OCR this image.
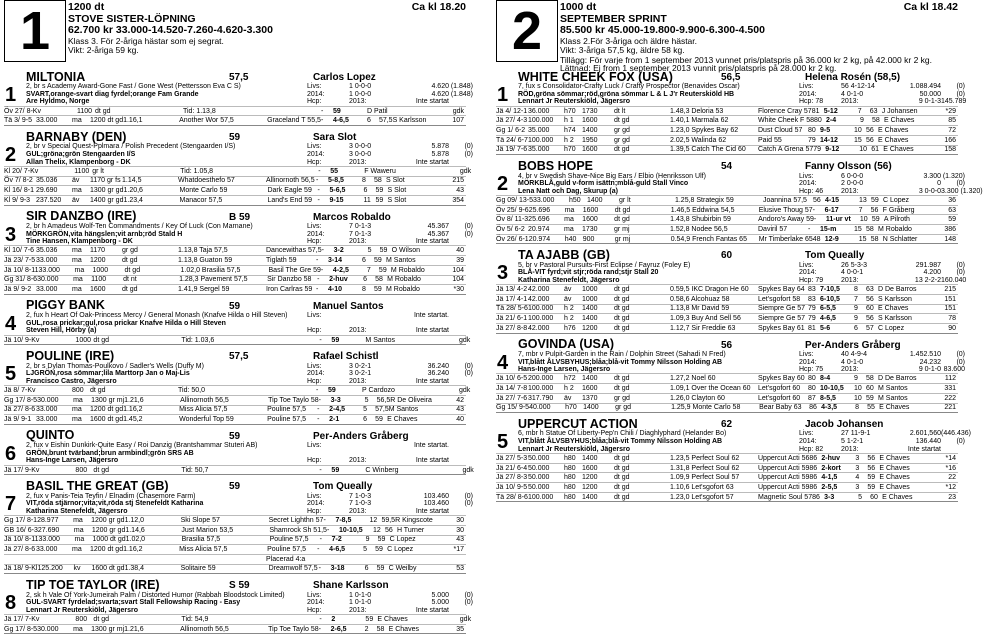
1	1200 dt	Ca kl 18.20
STOVE SISTER-LÖPNING
62.700 kr 33.000-14.520-7.260-4.620-3.300
Klass 3. För 2-åriga hästar som ej segrat.
Vikt: 2-åriga 59 kg.
MILTONIA	57,5	Carlos Lopez
1	2, br s Academy Award-Gone Fast / Gone West (Pettersson Eva C S)	Livs:	1 0-0-0	4.620 (1.848)
SVART,orange-svart diag fyrdel;orange Fam Grande	2014:	1 0-0-0	4.620 (1.848)
Are Hyldmo, Norge	Hcp:	2013:	Inte startat
Öv 27/ 8-Kv	1100 dt gd	Tid: 1.13,8	-	59	D Patil	gdk
Tä 3/ 9-5 33.000	ma	1200 dt gd 1.16,1	Another Wor 57,5	Graceland T 55,5 -	4-6,5	6	57,5 S Karlsson	107
BARNABY (DEN)	59	Sara Slot
2	2, br v Special Quest-Pplmara / Polish Precedent (Stengaarden I/S)	Livs:	3 0-0-0	5.878	(0)
GUL;gröna;grön Stengaarden I/S	2014:	3 0-0-0	5.878	(0)
Allan Thelix, Klampenborg - DK	Hcp:	2013:	Inte startat
Kl 20/ 7-Kv	1100 gr lt	Tid: 1.05,8	-	55	F Waweru	gdk
Öv 7/ 8-2 35.036	äv	1170 gr fs 1.14,5	Whatdoesthefo 57	Allinornoth 56,5 -	5-8,5	8	58 S Slot	215
Kl 16/ 8-1 29.690	ma	1300 gr gd 1.20,6	Monte Carlo 59	Dark Eagle 59 -	5-6,5	6	59 S Slot	43
Kl 9/ 9-3 237.520	äv	1400 gr gd 1.23,4	Manacor 57,5	Land's End 59 -	9-15	11 59 S Slot	354
SIR DANZBO (IRE)	B 59	Marcos Robaldo
3	2, br h Amadeus Wolf-Ten Commandments / Key Of Luck (Con Marnane)	Livs:	7 0-1-3	45.367	(0)
MÖRKGRÖN,vita hängslen;vit arnb;röd Stald H	2014:	7 0-1-3	45.367	(0)
Tine Hansen, Klampenborg - DK	Hcp:	2013:	Inte startat
Kl 10/ 7-6 35.036	ma	1170	gr gd	1.13,8 Taja 57,5	Dancewithas 57,5 -	3-2	5	59 O Wilson	40
Jä 23/ 7-5 33.000	ma	1200	dt gd	1.13,8 Guaton 59	Tiglath 59	-	3-14	6	59 M Santos	39
Jä 10/ 8-11 33.000	ma	1000	dt gd	1.02,0 Brasilia 57,5	Basil The Gre 59 -	4-2,5	7	59 M Robaldo	104
Gg 31/ 8-6 30.000	ma	1100	dt nt	1.28,3 Pavement 57,5	Sir Danzbo 58 -	2-huv	6	58 M Robaldo	104
Jä 9/ 9-2 33.000	ma	1600	dt gd	1.41,9 Sergel 59	Iron Carlras 59 -	4-10	8	59 M Robaldo	*30
PIGGY BANK	59	Manuel Santos
4	2, fux h Heart Of Oak-Princess Mercy / General Monash (Knafve Hilda o Hill Steven)	Livs:	Inte startat.
GUL,rosa prickar;gul,rosa prickar Knafve Hilda o Hill Steven
Steven Hill, Hörby (a)	Hcp:	2013:	Inte startat
Jä 10/ 9-Kv	1000 dt gd	Tid: 1.03,6	-	59	M Santos	gdk
POULINE (IRE)	57,5	Rafael Schistl
5	2, br s Dylan Thomas-Poulkovo / Sadler's Wells (Duffy M)	Livs:	3 0-2-1	36.240	(0)
LJGRÖN,rosa sömmar;lila Marttorp Jan o Maj-Lis	2014:	3 0-2-1	36.240	(0)
Francisco Castro, Jägersro	Hcp:	2013:	Inte startat
Jä 8/ 7-Kv	800 dt gd	Tid: 50,0	-	59	P Cardozo	gdk
Gg 17/ 8-5 30.000	ma	1300 gr mj 1.21,6	Allinornoth 56,5	Tip Toe Taylo 58 -	3-3	5	56,5 R De Oliveira	42
Jä 27/ 8-6 33.000	ma	1200 dt gd 1.16,2	Miss Alicia 57,5	Pouline 57,5	-	2-4,5	5	57,5 M Santos	43
Jä 9/ 9-1 33.000	ma	1600 dt gd 1.45,2	Wonderful Top 59	Pouline 57,5	-	2-1	6	59 E Chaves	40
QUINTO	59	Per-Anders Gråberg
6	2, fux v Eishin Dunkirk-Quite Easy / Roi Danzig (Brantshammar Stuteri AB)	Livs:	Inte startat.
GRÖN,brunt tvärband;brun armbindl;grön SRS AB
Hans-Inge Larsen, Jägersro	Hcp:	2013:	Inte startat
Jä 17/ 9-Kv	800 dt gd	Tid: 50,7	-	59	C Winberg	gdk
BASIL THE GREAT (GB)	59	Tom Queally
7	2, fux v Panis-Teia Teyfin / Elnadim (Chasemore Farm)	Livs:	7 1-0-3	103.460	(0)
VIT,röda stjärnor;vita;vit,röda stj Stenefeldt Katharina	2014:	7 1-0-3	103.460	(0)
Katharina Stenefeldt, Jägersro	Hcp:	2013:	Inte startat
Gg 17/ 8-1 28.977	ma	1200 gr gd 1.12,0	Ski Slope 57	Secret Lighthn 57 -	7-8,5	12 59,5 R Kingscote	30
GB 16/ 6-3 27.690	ma	1200 gr gd 1.14,6	Just Marion 53,5	Shamrock Sh 51,5 -	10-10,5	12 56 H Turner	30
Jä 10/ 8-11 33.000	ma	1000 dt gd 1.02,0	Brasilia 57,5	Pouline 57,5	-	7-2	9	59 C Lopez	43
Jä 27/ 8-6 33.000	ma	1200 dt gd 1.16,2	Miss Alicia 57,5	Pouline 57,5	-	4-6,5	5	59 C Lopez	*17
Placerad 4:a
Jä 18/ 9-Kl 125.200	kv	1600 dt gd 1.38,4	Solitaire 59	Dreamwolf 57,5 -	3-18	6	59 C Weilby	53
TIP TOE TAYLOR (IRE)	S 59	Shane Karlsson
8	2, sk h Vale Of York-Jumeirah Palm / Distorted Humor (Rabbah Bloodstock Limited)	Livs:	1 0-1-0	5.000	(0)
GUL-SVART fyrdelad;svarta;svart Stall Fellowship Racing - Easy	2014:	1 0-1-0	5.000	(0)
Lennart Jr Reuterskiöld, Jägersro	Hcp:	2013:	Inte startat
Jä 17/ 7-Kv	800 dt gd	Tid: 54,9	-	2	59 E Chaves	gdk
Gg 17/ 8-5 30.000	ma	1300 gr mj 1.21,6	Allinornoth 56,5	Tip Toe Taylo 58 -	2-6,5	2	58 E Chaves	35
2	1000 dt	Ca kl 18.42
SEPTEMBER SPRINT
85.500 kr 45.000-19.800-9.900-6.300-4.500
Klass 2.För 3-åriga och äldre hästar.
Vikt: 3-åriga 57,5 kg, äldre 58 kg.
Tillägg: För varje from 1 september 2013 vunnet pris/platspris på 36.000 kr 2 kg, på 42.000 kr 2 kg. Lättnad: Ej from 1 september 2013 vunnit pris/platspris på 28.000 kr 2 kg.
WHITE CHEEK FOX (USA)	56,5	Helena Rosén (58,5)
1	7, fux s Consolidator-Crafty Luck / Crafty Prospector (Benavides Oscar)	Livs:	56 4-12-14	1.088.494	(0)
RÖD,gröna sömmar;röd,gröna sömmar L & L J'r Reuterskiöld HB	2014:	4 0-1-0	50.000	(0)
Lennart Jr Reuterskiöld, Jägersro	Hcp: 78	2013:	9 0-1-3 145.789
Jä 4/ 12-1 36.000	h70 1730	dt lt	1.48,3 Deloria 53	Florence Cray 57 81 5-12	7	63 J Johansen	*29
Jä 27/ 4-3 100.000	h 1	1600	dt gd	1.40,1 Marmala 62	White Cheek F 58 80 2-4	9	58 E Chaves	85
Gg 1/ 6-2 35.000	h74 1400	gr gd	1.23,0 Spykes Bay 62	Dust Cloud 57 80 9-5	10 56 E Chaves	72
Tä 24/ 6-7 100.000	h 2	1950	gr gd	2.02,5 Walinda 62	Paid 55	79 14-12	15 56 E Chaves	166
Jä 19/ 7-6 35.000	h70 1600	dt gd	1.39,5 Catch The Cid 60	Catch A Grena 57 79 9-12	10 61 E Chaves	158
BOBS HOPE	54	Fanny Olsson (56)
2	4, br v Swedish Shave-Nice Big Ears / Elbio (Henriksson Ulf)	Livs:	6 0-0-0	3.300 (1.320)
MÖRKBLÅ,guld v-form isättn;mblå-guld Stall Vinco	2014:	2 0-0-0	0	(0)
Lena Natt och Dag, Skurup (a)	Hcp: 46	2013:	3 0-0-0 3.300 (1.320)
Gg 09/ 13-5 33.000	h50 1400	gr lt	1.25,8 Strategix 59	Joannina 57,5 56 4-15	13 59 C Lopez	36
Öv 25/ 9-6 25.696	ma	1600	dt gd	1.46,5 Eddwina 54,5	Elusive Thoug 57 -	6-17	7	56 F Gråberg	63
Öv 8/ 11-3 25.696	ma	1600	dt gd	1.43,8 Shubirbin 59	Andoro's Away 59 -	11-ur vt	10 59 A Pilroth	59
Öv 5/ 6-2 20.974	ma	1730	gr mj	1.52,8 Nodee 56,5	Daviril 57	-	15-m	15 58 M Robaldo	386
Öv 26/ 6-1 20.974	h40 900	gr mj	0.54,9 French Fantas 65	Mr Timberlake 65 48 12-9	15 58 N Schlatter	148
TA AJABB (GB)	60	Tom Queally
3	5, br v Pastoral Pursuits-First Eclipse / Fayruz (Foley E)	Livs:	26 5-3-3	291.987	(0)
BLÅ-VIT fyrd;vit stjr;röda rand;stjr Stall 20	2014:	4 0-0-1	4.200	(0)
Katharina Stenefeldt, Jägersro	Hcp: 79	2013:	13 2-2-2 160.040
Jä 13/ 4-2 42.000	äv	1000	dt gd	0.59,5 IKC Dragon He 60	Spykes Bay 64 83 7-10,5	8	63 D De Barros	215
Jä 17/ 4-1 42.000	äv	1000	dt gd	0.58,6 Alcohuaz 58	Let'sgofort 58	83 6-10,5	7	56 S Karlsson	151
Tä 28/ 5-6 100.000	h 2	1400	dt gd	1.13,8 Mr David 59	Siempre Ge 57 79 6-5,5	9	60 E Chaves	151
Jä 21/ 6-1 100.000	h 2	1400	dt gd	1.09,3 Buy And Sell 56	Siempre Ge 57 79 4-6,5	9	56 S Karlsson	78
Jä 27/ 8-8 42.000	h76 1200	dt gd	1.12,7 Sir Freddie 63	Spykes Bay 61 81 5-6	6	57 C Lopez	90
GOVINDA (USA)	56	Per-Anders Gråberg
4	7, mbr v Pulpit-Garden in the Rain / Dolphin Street (Sahadi N Fred)	Livs:	40 4-9-4	1.452.510	(0)
VIT,blått ÅLVSBYHUS;blåa;blå-vit Tommy Nilsson Holding AB	2014:	4 0-1-0	24.232	(0)
Hans-Inge Larsen, Jägersro	Hcp: 75	2013:	9 0-1-0 83.600
Jä 10/ 6-5 200.000	h72 1400	dt gd	1.27,2 Noel 60	Spykes Bay 60 80 8-4	9	58 D De Barros	112
Jä 14/ 7-8 100.000	h 2	1600	dt gd	1.09,1 Over the Ocean 60	Let'sgofort 60	80 10-10,5	10 60 M Santos	331
Jä 27/ 7-6 317.790	äv	1370	gr gd	1.26,0 Clayton 60	Let'sgofort 60	87 8-5,5	10 59 M Santos	222
Gg 15/ 9-5 40.000	h70 1400	gr gd	1.25,9 Monte Carlo 58	Bear Baby 63	86 4-3,5	8	55 E Chaves	221
UPPERCUT ACTION	62	Jacob Johansen
5	6, mbr h Statue Of Liberty-Pep'n Chili / Diaghlyphard (Helander Bo)	Livs:	27 11-9-1	2.601,560 (446.436)
VIT,blått ÅLVSBYHUS;blåa;blå-vit Tommy Nilsson Holding AB	2014:	5 1-2-1	136.440	(0)
Lennart Jr Reuterskiöld, Jägersro	Hcp: 82	2013:	Inte startat
Jä 27/ 5-3 50.000	h80 1400	dt gd	1.23,5 Perfect Soul 62	Uppercut Acti 56 86 2-huv	3	56 E Chaves	*14
Jä 21/ 6-4 50.000	h80 1600	dt gd	1.31,8 Perfect Soul 62	Uppercut Acti 59 86 2-kort	3	56 E Chaves	*16
Jä 27/ 8-3 50.000	h80 1200	dt gd	1.09,9 Perfect Soul 57	Uppercut Acti 59 86 4-1,5	4	59 E Chaves	22
Jä 10/ 9-5 50.000	h80 1200	dt gd	1.10,6 Let'sgofort 63	Uppercut Acti 59 86 2-5,5	3	59 E Chaves	*12
Tä 28/ 8-6 100.000	h80 1400	dt gd	1.23,0 Let'sgofort 57	Magnetic Soul 57 86 3-3	5	60 E Chaves	23
